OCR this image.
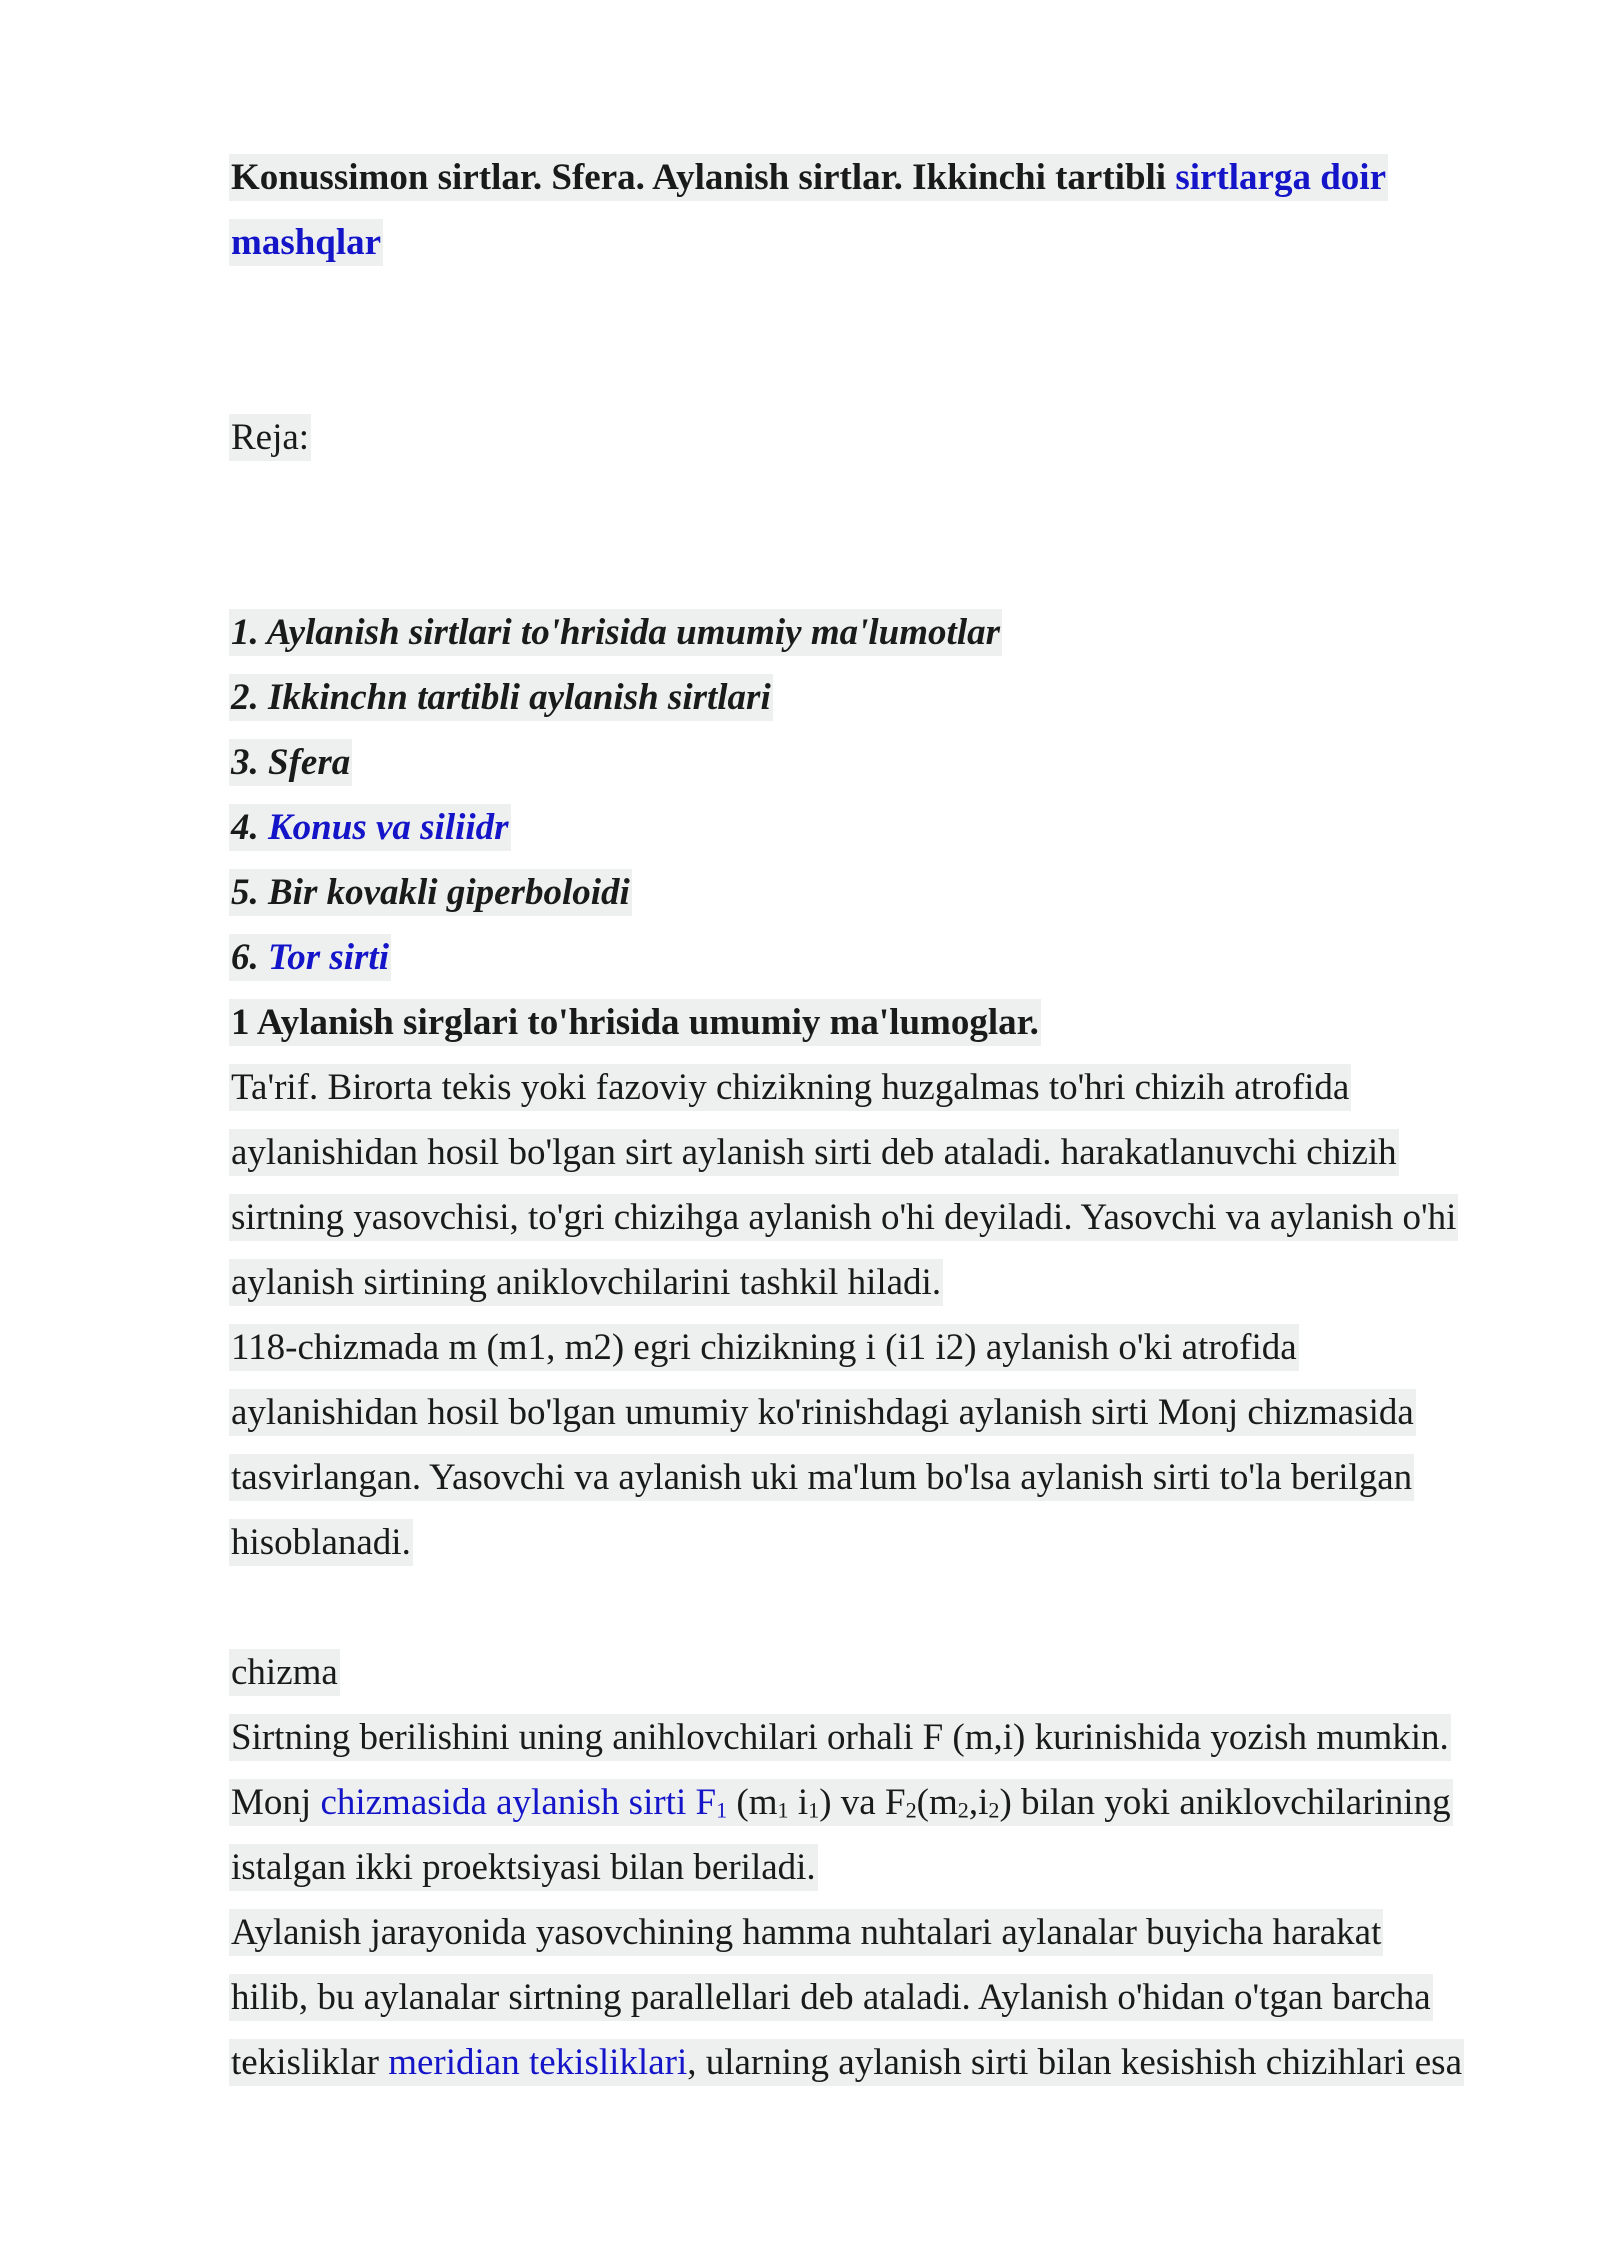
Konussimon sirtlar. Sfera. Aylanish sirtlar. Ikkinchi tartibli sirtlarga doir
mashqlar
Reja:
1. Aylanish sirtlari to'hrisida umumiy ma'lumotlar
2. Ikkinchn tartibli aylanish sirtlari
3. Sfera
4. Konus va siliidr
5. Bir kovakli giperboloidi
6. Tor sirti
1 Aylanish sirglari to'hrisida umumiy ma'lumoglar.
Ta'rif. Birorta tekis yoki fazoviy chizikning huzgalmas to'hri chizih atrofida
aylanishidan hosil bo'lgan sirt aylanish sirti deb ataladi. harakatlanuvchi chizih
sirtning yasovchisi, to'gri chizihga aylanish o'hi deyiladi. Yasovchi va aylanish o'hi
aylanish sirtining aniklovchilarini tashkil hiladi.
118-chizmada m (m1, m2) egri chizikning i (i1 i2) aylanish o'ki atrofida
aylanishidan hosil bo'lgan umumiy ko'rinishdagi aylanish sirti Monj chizmasida
tasvirlangan. Yasovchi va aylanish uki ma'lum bo'lsa aylanish sirti to'la berilgan
hisoblanadi.
chizma
Sirtning berilishini uning anihlovchilari orhali F (m,i) kurinishida yozish mumkin.
Monj chizmasida aylanish sirti $F_1$ ($m_1$ $i_1$) va $F_2(m_2,i_2)$ bilan yoki aniklovchilarining
istalgan ikki proektsiyasi bilan beriladi.
Aylanish jarayonida yasovchining hamma nuhtalari aylanalar buyicha harakat
hilib, bu aylanalar sirtning parallellari deb ataladi. Aylanish o'hidan o'tgan barcha
tekisliklar meridian tekisliklari, ularning aylanish sirti bilan kesishish chizihlari esa
